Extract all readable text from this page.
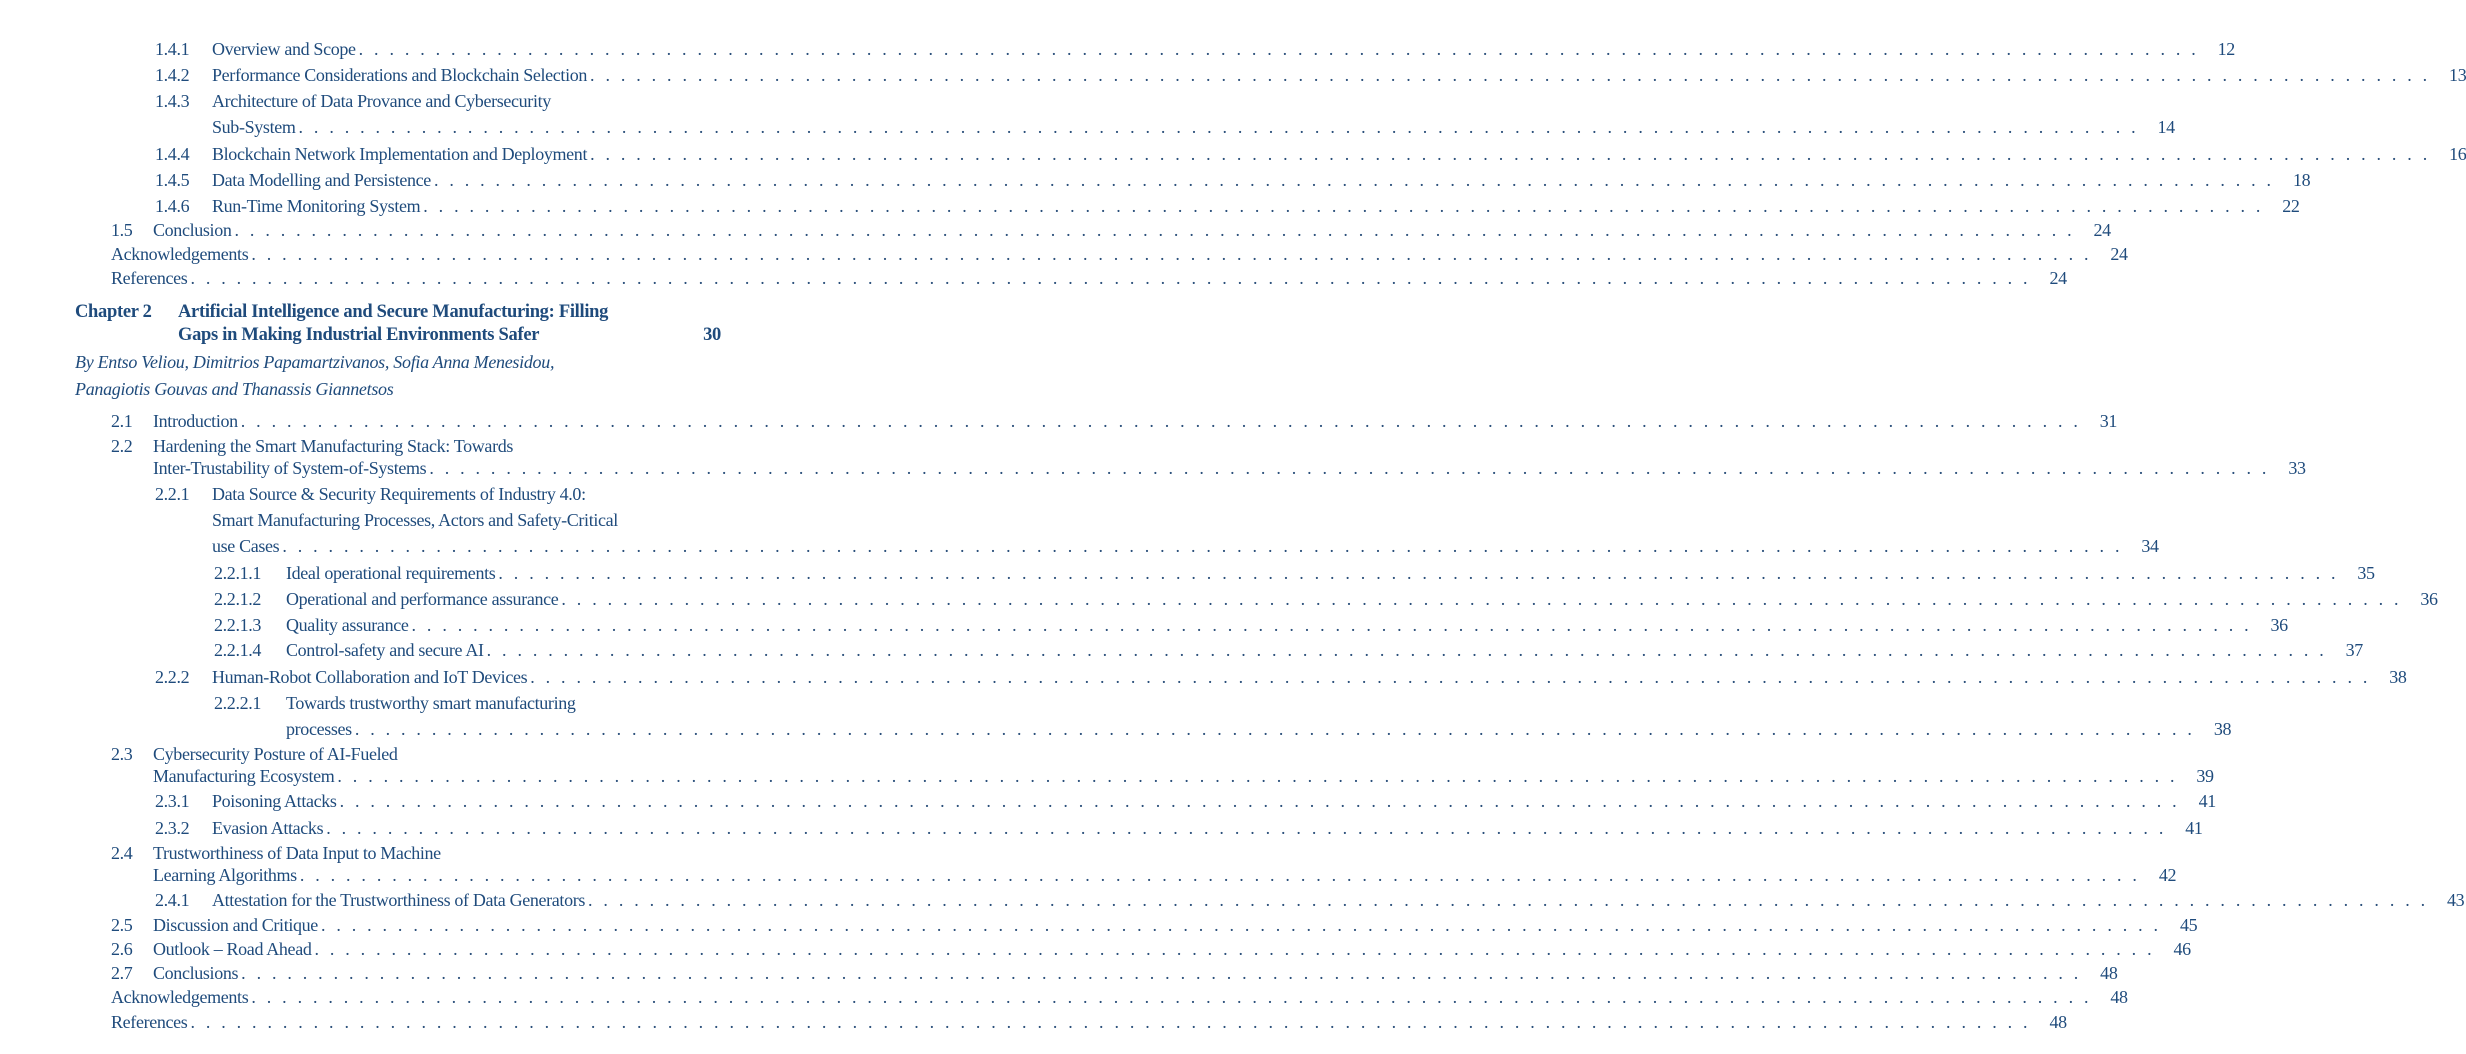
Chapter 2 Artificial Intelligence and Secure Manufacturing: Filling
Gaps in Making Industrial Environments Safer	30
By Entso Veliou, Dimitrios Papamartzivanos, Sofia Anna Menesidou,
Panagiotis Gouvas and Thanassis Giannetsos
1.4.1 Overview and Scope . . . . . . . . . . . . . . . . . . . . . . . . . . . . . . . . . . . . . . . . . . . . . . . . . . . . . . . . . . . . . . . . . . . . . . . . . . . . . . . . . . . . . . . . . . . . . . . . . . . . . . . . . . . . . . . . . . . . . . . .	12
1.4.2 Performance Considerations and Blockchain Selection . . . . . . . . . . . . . . . . . . . . . . . . . . . . . . . . . . . . . . . . . . . . . . . . . . . . . . . . . . . . . . . . . . . . . . . . . . . . . . . . . . . . . . . . . . . . . . . . . . . . . . . . . . . . . . . . . . . . . . . .	13
1.4.3 Architecture of Data Provance and Cybersecurity
Sub-System . . . . . . . . . . . . . . . . . . . . . . . . . . . . . . . . . . . . . . . . . . . . . . . . . . . . . . . . . . . . . . . . . . . . . . . . . . . . . . . . . . . . . . . . . . . . . . . . . . . . . . . . . . . . . . . . . . . . . . . .	14
1.4.4 Blockchain Network Implementation and Deployment . . . . . . . . . . . . . . . . . . . . . . . . . . . . . . . . . . . . . . . . . . . . . . . . . . . . . . . . . . . . . . . . . . . . . . . . . . . . . . . . . . . . . . . . . . . . . . . . . . . . . . . . . . . . . . . . . . . . . . . .	16
1.4.5 Data Modelling and Persistence . . . . . . . . . . . . . . . . . . . . . . . . . . . . . . . . . . . . . . . . . . . . . . . . . . . . . . . . . . . . . . . . . . . . . . . . . . . . . . . . . . . . . . . . . . . . . . . . . . . . . . . . . . . . . . . . . . . . . . . .	18
1.4.6 Run-Time Monitoring System . . . . . . . . . . . . . . . . . . . . . . . . . . . . . . . . . . . . . . . . . . . . . . . . . . . . . . . . . . . . . . . . . . . . . . . . . . . . . . . . . . . . . . . . . . . . . . . . . . . . . . . . . . . . . . . . . . . . . . . .	22
1.5 Conclusion . . . . . . . . . . . . . . . . . . . . . . . . . . . . . . . . . . . . . . . . . . . . . . . . . . . . . . . . . . . . . . . . . . . . . . . . . . . . . . . . . . . . . . . . . . . . . . . . . . . . . . . . . . . . . . . . . . . . . . . .	24
Acknowledgements . . . . . . . . . . . . . . . . . . . . . . . . . . . . . . . . . . . . . . . . . . . . . . . . . . . . . . . . . . . . . . . . . . . . . . . . . . . . . . . . . . . . . . . . . . . . . . . . . . . . . . . . . . . . . . . . . . . . . . . .	24
References . . . . . . . . . . . . . . . . . . . . . . . . . . . . . . . . . . . . . . . . . . . . . . . . . . . . . . . . . . . . . . . . . . . . . . . . . . . . . . . . . . . . . . . . . . . . . . . . . . . . . . . . . . . . . . . . . . . . . . . .	24
2.1 Introduction . . . . . . . . . . . . . . . . . . . . . . . . . . . . . . . . . . . . . . . . . . . . . . . . . . . . . . . . . . . . . . . . . . . . . . . . . . . . . . . . . . . . . . . . . . . . . . . . . . . . . . . . . . . . . . . . . . . . . . . .	31
2.2 Hardening the Smart Manufacturing Stack: Towards
Inter-Trustability of System-of-Systems . . . . . . . . . . . . . . . . . . . . . . . . . . . . . . . . . . . . . . . . . . . . . . . . . . . . . . . . . . . . . . . . . . . . . . . . . . . . . . . . . . . . . . . . . . . . . . . . . . . . . . . . . . . . . . . . . . . . . . . .	33
2.2.1 Data Source & Security Requirements of Industry 4.0:
Smart Manufacturing Processes, Actors and Safety-Critical
use Cases . . . . . . . . . . . . . . . . . . . . . . . . . . . . . . . . . . . . . . . . . . . . . . . . . . . . . . . . . . . . . . . . . . . . . . . . . . . . . . . . . . . . . . . . . . . . . . . . . . . . . . . . . . . . . . . . . . . . . . . .	34
2.2.1.1 Ideal operational requirements . . . . . . . . . . . . . . . . . . . . . . . . . . . . . . . . . . . . . . . . . . . . . . . . . . . . . . . . . . . . . . . . . . . . . . . . . . . . . . . . . . . . . . . . . . . . . . . . . . . . . . . . . . . . . . . . . . . . . . . .	35
2.2.1.2 Operational and performance assurance . . . . . . . . . . . . . . . . . . . . . . . . . . . . . . . . . . . . . . . . . . . . . . . . . . . . . . . . . . . . . . . . . . . . . . . . . . . . . . . . . . . . . . . . . . . . . . . . . . . . . . . . . . . . . . . . . . . . . . . .	36
2.2.1.3 Quality assurance . . . . . . . . . . . . . . . . . . . . . . . . . . . . . . . . . . . . . . . . . . . . . . . . . . . . . . . . . . . . . . . . . . . . . . . . . . . . . . . . . . . . . . . . . . . . . . . . . . . . . . . . . . . . . . . . . . . . . . . .	36
2.2.1.4 Control-safety and secure AI . . . . . . . . . . . . . . . . . . . . . . . . . . . . . . . . . . . . . . . . . . . . . . . . . . . . . . . . . . . . . . . . . . . . . . . . . . . . . . . . . . . . . . . . . . . . . . . . . . . . . . . . . . . . . . . . . . . . . . . .	37
2.2.2 Human-Robot Collaboration and IoT Devices . . . . . . . . . . . . . . . . . . . . . . . . . . . . . . . . . . . . . . . . . . . . . . . . . . . . . . . . . . . . . . . . . . . . . . . . . . . . . . . . . . . . . . . . . . . . . . . . . . . . . . . . . . . . . . . . . . . . . . . .	38
2.2.2.1 Towards trustworthy smart manufacturing
processes . . . . . . . . . . . . . . . . . . . . . . . . . . . . . . . . . . . . . . . . . . . . . . . . . . . . . . . . . . . . . . . . . . . . . . . . . . . . . . . . . . . . . . . . . . . . . . . . . . . . . . . . . . . . . . . . . . . . . . . .	38
2.3 Cybersecurity Posture of AI-Fueled
Manufacturing Ecosystem . . . . . . . . . . . . . . . . . . . . . . . . . . . . . . . . . . . . . . . . . . . . . . . . . . . . . . . . . . . . . . . . . . . . . . . . . . . . . . . . . . . . . . . . . . . . . . . . . . . . . . . . . . . . . . . . . . . . . . . .	39
2.3.1 Poisoning Attacks . . . . . . . . . . . . . . . . . . . . . . . . . . . . . . . . . . . . . . . . . . . . . . . . . . . . . . . . . . . . . . . . . . . . . . . . . . . . . . . . . . . . . . . . . . . . . . . . . . . . . . . . . . . . . . . . . . . . . . . .	41
2.3.2 Evasion Attacks . . . . . . . . . . . . . . . . . . . . . . . . . . . . . . . . . . . . . . . . . . . . . . . . . . . . . . . . . . . . . . . . . . . . . . . . . . . . . . . . . . . . . . . . . . . . . . . . . . . . . . . . . . . . . . . . . . . . . . . .	41
2.4 Trustworthiness of Data Input to Machine
Learning Algorithms . . . . . . . . . . . . . . . . . . . . . . . . . . . . . . . . . . . . . . . . . . . . . . . . . . . . . . . . . . . . . . . . . . . . . . . . . . . . . . . . . . . . . . . . . . . . . . . . . . . . . . . . . . . . . . . . . . . . . . . .	42
2.4.1 Attestation for the Trustworthiness of Data Generators . . . . . . . . . . . . . . . . . . . . . . . . . . . . . . . . . . . . . . . . . . . . . . . . . . . . . . . . . . . . . . . . . . . . . . . . . . . . . . . . . . . . . . . . . . . . . . . . . . . . . . . . . . . . . . . . . . . . . . . .	43
2.5 Discussion and Critique . . . . . . . . . . . . . . . . . . . . . . . . . . . . . . . . . . . . . . . . . . . . . . . . . . . . . . . . . . . . . . . . . . . . . . . . . . . . . . . . . . . . . . . . . . . . . . . . . . . . . . . . . . . . . . . . . . . . . . . .	45
2.6 Outlook – Road Ahead . . . . . . . . . . . . . . . . . . . . . . . . . . . . . . . . . . . . . . . . . . . . . . . . . . . . . . . . . . . . . . . . . . . . . . . . . . . . . . . . . . . . . . . . . . . . . . . . . . . . . . . . . . . . . . . . . . . . . . . .	46
2.7 Conclusions . . . . . . . . . . . . . . . . . . . . . . . . . . . . . . . . . . . . . . . . . . . . . . . . . . . . . . . . . . . . . . . . . . . . . . . . . . . . . . . . . . . . . . . . . . . . . . . . . . . . . . . . . . . . . . . . . . . . . . . .	48
Acknowledgements . . . . . . . . . . . . . . . . . . . . . . . . . . . . . . . . . . . . . . . . . . . . . . . . . . . . . . . . . . . . . . . . . . . . . . . . . . . . . . . . . . . . . . . . . . . . . . . . . . . . . . . . . . . . . . . . . . . . . . . .	48
References . . . . . . . . . . . . . . . . . . . . . . . . . . . . . . . . . . . . . . . . . . . . . . . . . . . . . . . . . . . . . . . . . . . . . . . . . . . . . . . . . . . . . . . . . . . . . . . . . . . . . . . . . . . . . . . . . . . . . . . .	48
